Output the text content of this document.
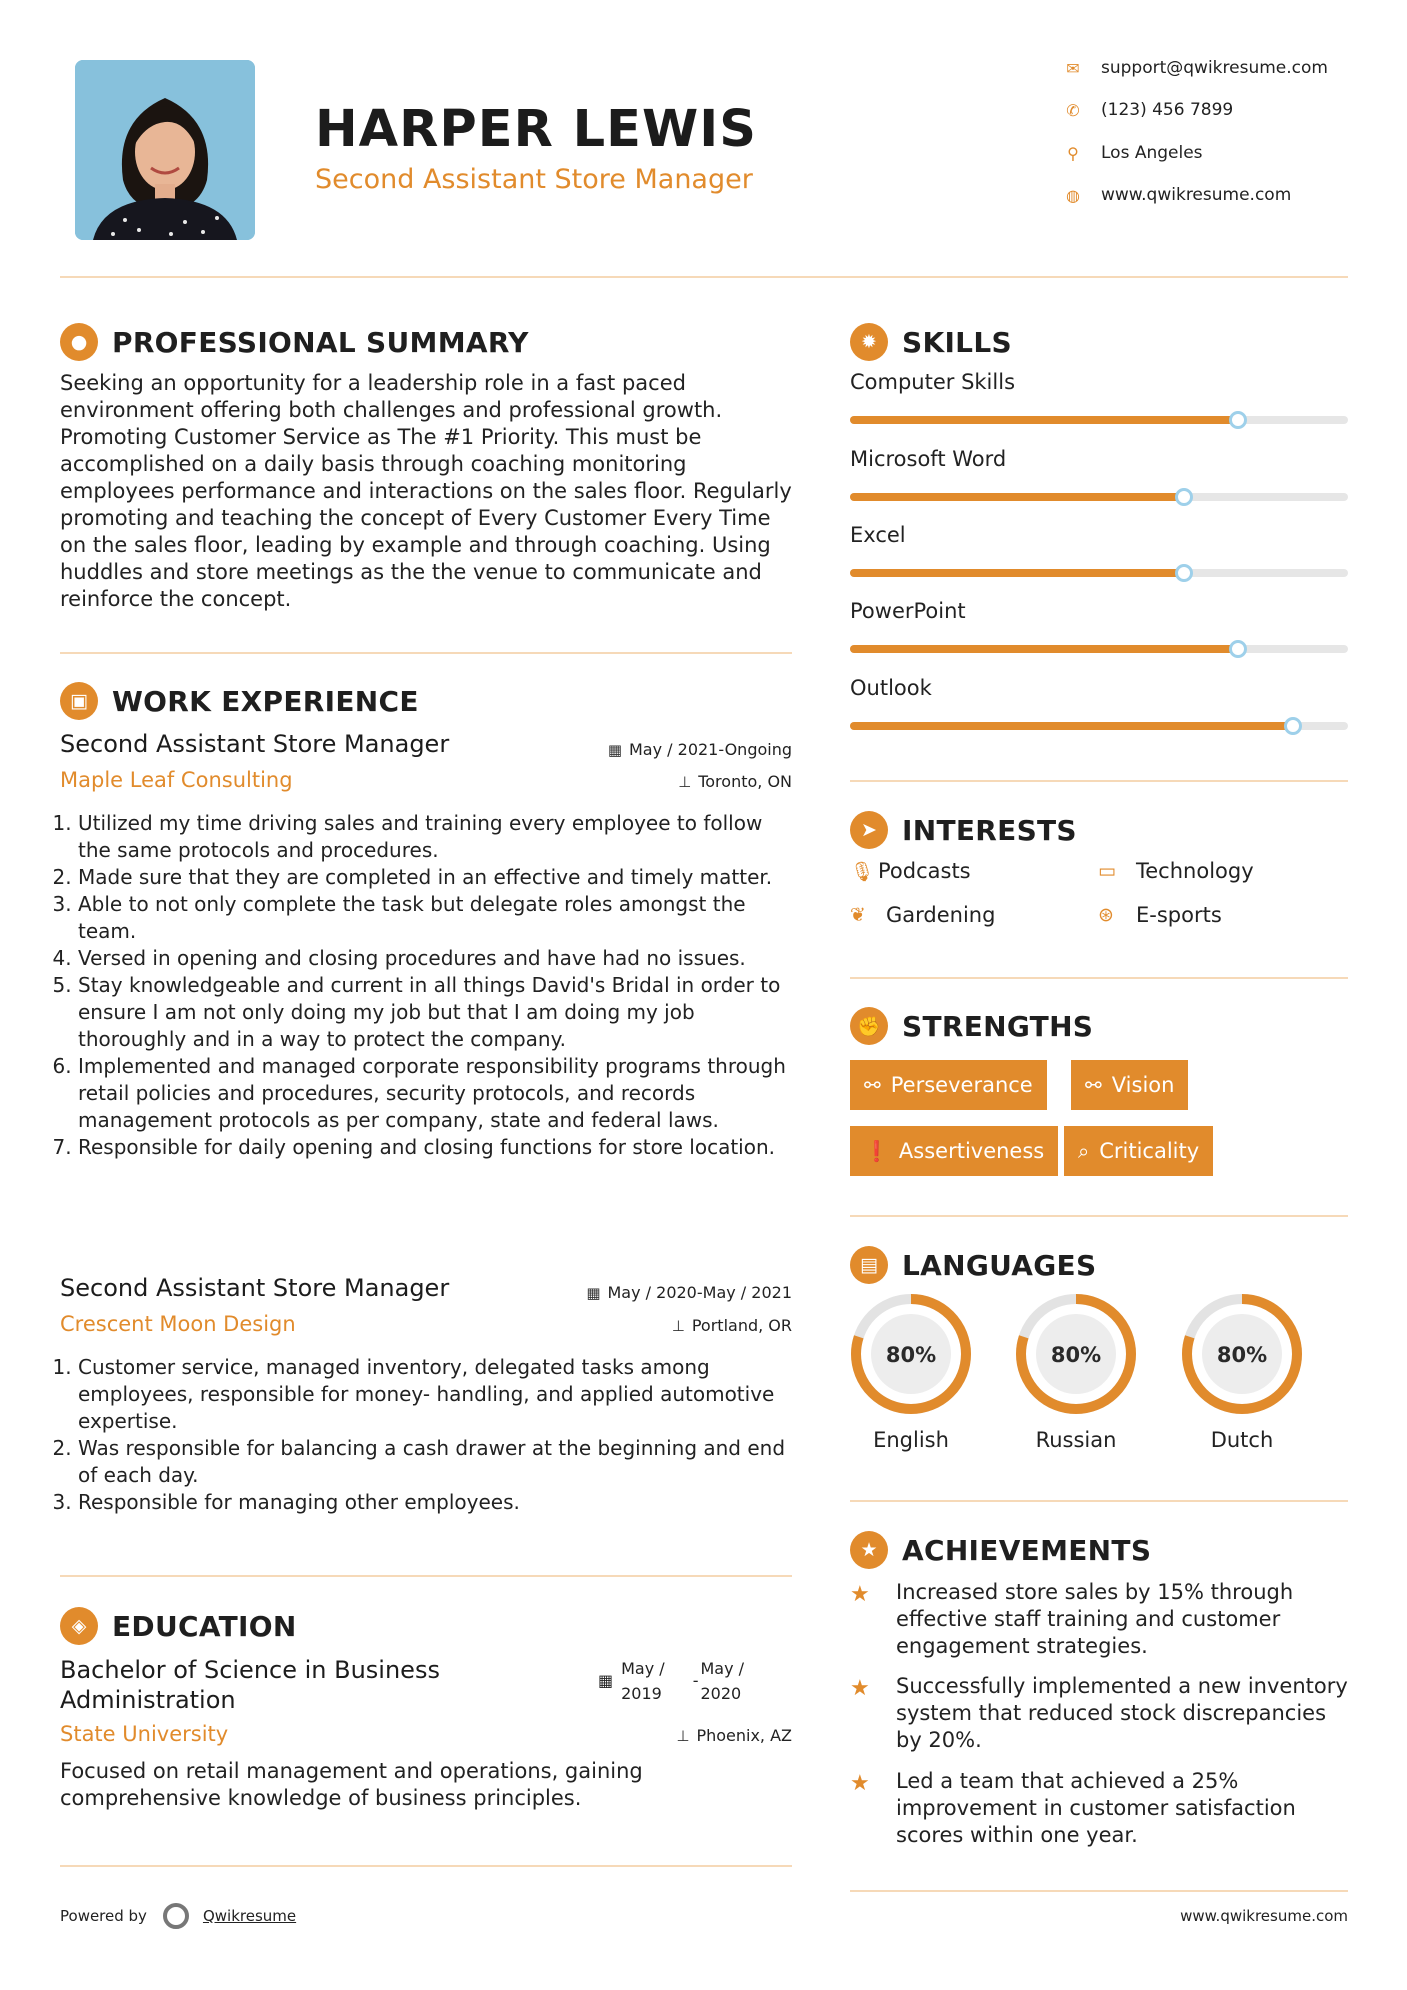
HARPER LEWIS
Second Assistant Store Manager
✉	support@qwikresume.com
✆	(123) 456 7899
⚲	Los Angeles
◍	www.qwikresume.com
● PROFESSIONAL SUMMARY
Seeking an opportunity for a leadership role in a fast paced
environment offering both challenges and professional growth.
Promoting Customer Service as The #1 Priority. This must be
accomplished on a daily basis through coaching monitoring
employees performance and interactions on the sales floor. Regularly
promoting and teaching the concept of Every Customer Every Time
on the sales floor, leading by example and through coaching. Using
huddles and store meetings as the the venue to communicate and
reinforce the concept.
▣ WORK EXPERIENCE
Second Assistant Store Manager	▦ May / 2021-Ongoing
Maple Leaf Consulting	⊥ Toronto, ON
1. Utilized my time driving sales and training every employee to follow the same protocols and procedures.
2. Made sure that they are completed in an effective and timely matter.
3. Able to not only complete the task but delegate roles amongst the team.
4. Versed in opening and closing procedures and have had no issues.
5. Stay knowledgeable and current in all things David's Bridal in order to ensure I am not only doing my job but that I am doing my job thoroughly and in a way to protect the company.
6. Implemented and managed corporate responsibility programs through retail policies and procedures, security protocols, and records management protocols as per company, state and federal laws.
7. Responsible for daily opening and closing functions for store location.
Second Assistant Store Manager	▦ May / 2020-May / 2021
Crescent Moon Design	⊥ Portland, OR
1. Customer service, managed inventory, delegated tasks among employees, responsible for money- handling, and applied automotive expertise.
2. Was responsible for balancing a cash drawer at the beginning and end of each day.
3. Responsible for managing other employees.
◈ EDUCATION
Bachelor of Science in Business
Administration
▦
May /
2019
-
May /
2020
State University	⊥ Phoenix, AZ
Focused on retail management and operations, gaining
comprehensive knowledge of business principles.
Powered by	Qwikresume
✹ SKILLS
Computer Skills
Microsoft Word
Excel
PowerPoint
Outlook
➤ INTERESTS
🎙︎ Podcasts	▭ Technology
❦ Gardening	⊛	E-sports
✊ STRENGTHS
⚯ Perseverance	⚯ Vision
❗ Assertiveness ⌕ Criticality
▤ LANGUAGES
80%
English
80%
Russian
80%
Dutch
★ ACHIEVEMENTS
★	Increased store sales by 15% through
effective staff training and customer
engagement strategies.
★	Successfully implemented a new inventory
system that reduced stock discrepancies
by 20%.
★	Led a team that achieved a 25%
improvement in customer satisfaction
scores within one year.
www.qwikresume.com
